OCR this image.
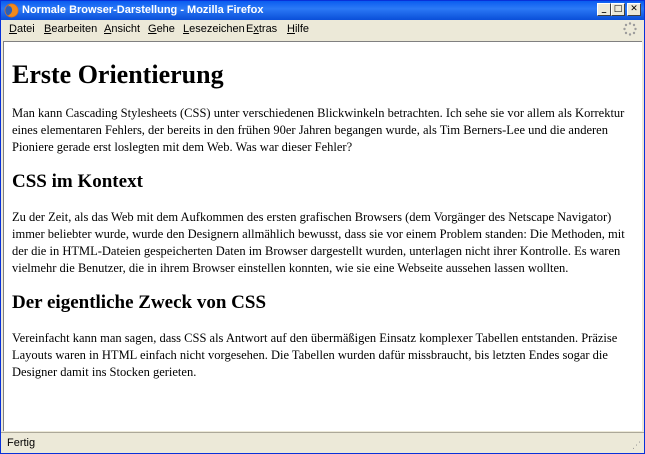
Normale Browser-Darstellung - Mozilla Firefox	_ □ ✕
Datei Bearbeiten Ansicht Gehe Lesezeichen Extras Hilfe
Erste Orientierung

Man kann Cascading Stylesheets (CSS) unter verschiedenen Blickwinkeln betrachten. Ich sehe sie vor allem als Korrektur eines elementaren Fehlers, der bereits in den frühen 90er Jahren begangen wurde, als Tim Berners-Lee und die anderen Pioniere gerade erst loslegten mit dem Web. Was war dieser Fehler?

CSS im Kontext

Zu der Zeit, als das Web mit dem Aufkommen des ersten grafischen Browsers (dem Vorgänger des Netscape Navigator) immer beliebter wurde, wurde den Designern allmählich bewusst, dass sie vor einem Problem standen: Die Methoden, mit der die in HTML-Dateien gespeicherten Daten im Browser dargestellt wurden, unterlagen nicht ihrer Kontrolle. Es waren vielmehr die Benutzer, die in ihrem Browser einstellen konnten, wie sie eine Webseite aussehen lassen wollten.

Der eigentliche Zweck von CSS

Vereinfacht kann man sagen, dass CSS als Antwort auf den übermäßigen Einsatz komplexer Tabellen entstanden. Präzise Layouts waren in HTML einfach nicht vorgesehen. Die Tabellen wurden dafür missbraucht, bis letzten Endes sogar die Designer damit ins Stocken gerieten.

Fertig	⋰
